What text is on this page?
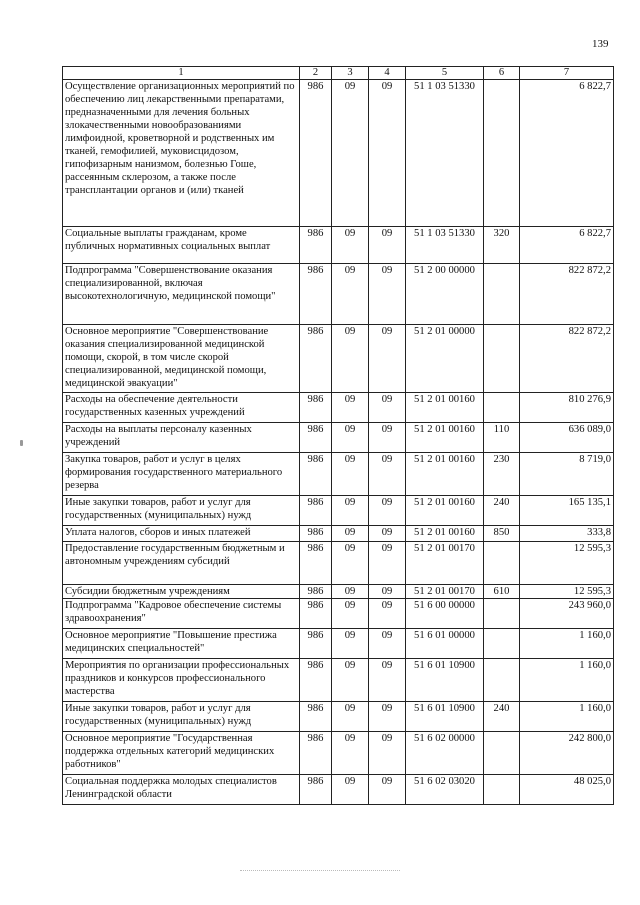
139
1	2	3	4	5	6	7
Осуществление организационных мероприятий по обеспечению лиц лекарственными препаратами, предназначенными для лечения больных злокачественными новообразованиями лимфоидной, кроветворной и родственных им тканей, гемофилией, муковисцидозом, гипофизарным нанизмом, болезнью Гоше, рассеянным склерозом, а также после трансплантации органов и (или) тканей	986	09	09	51 1 03 51330		6 822,7
Социальные выплаты гражданам, кроме публичных нормативных социальных выплат	986	09	09	51 1 03 51330	320	6 822,7
Подпрограмма "Совершенствование оказания специализированной, включая высокотехнологичную, медицинской помощи"	986	09	09	51 2 00 00000		822 872,2
Основное мероприятие "Совершенствование оказания специализированной медицинской помощи, скорой, в том числе скорой специализированной, медицинской помощи, медицинской эвакуации"	986	09	09	51 2 01 00000		822 872,2
Расходы на обеспечение деятельности государственных казенных учреждений	986	09	09	51 2 01 00160		810 276,9
Расходы на выплаты персоналу казенных учреждений	986	09	09	51 2 01 00160	110	636 089,0
Закупка товаров, работ и услуг в целях формирования государственного материального резерва	986	09	09	51 2 01 00160	230	8 719,0
Иные закупки товаров, работ и услуг для государственных (муниципальных) нужд	986	09	09	51 2 01 00160	240	165 135,1
Уплата налогов, сборов и иных платежей	986	09	09	51 2 01 00160	850	333,8
Предоставление государственным бюджетным и автономным учреждениям субсидий	986	09	09	51 2 01 00170		12 595,3
Субсидии бюджетным учреждениям	986	09	09	51 2 01 00170	610	12 595,3
Подпрограмма "Кадровое обеспечение системы здравоохранения"	986	09	09	51 6 00 00000		243 960,0
Основное мероприятие "Повышение престижа медицинских специальностей"	986	09	09	51 6 01 00000		1 160,0
Мероприятия по организации профессиональных праздников и конкурсов профессионального мастерства	986	09	09	51 6 01 10900		1 160,0
Иные закупки товаров, работ и услуг для государственных (муниципальных) нужд	986	09	09	51 6 01 10900	240	1 160,0
Основное мероприятие "Государственная поддержка отдельных категорий медицинских работников"	986	09	09	51 6 02 00000		242 800,0
Социальная поддержка молодых специалистов Ленинградской области	986	09	09	51 6 02 03020		48 025,0
